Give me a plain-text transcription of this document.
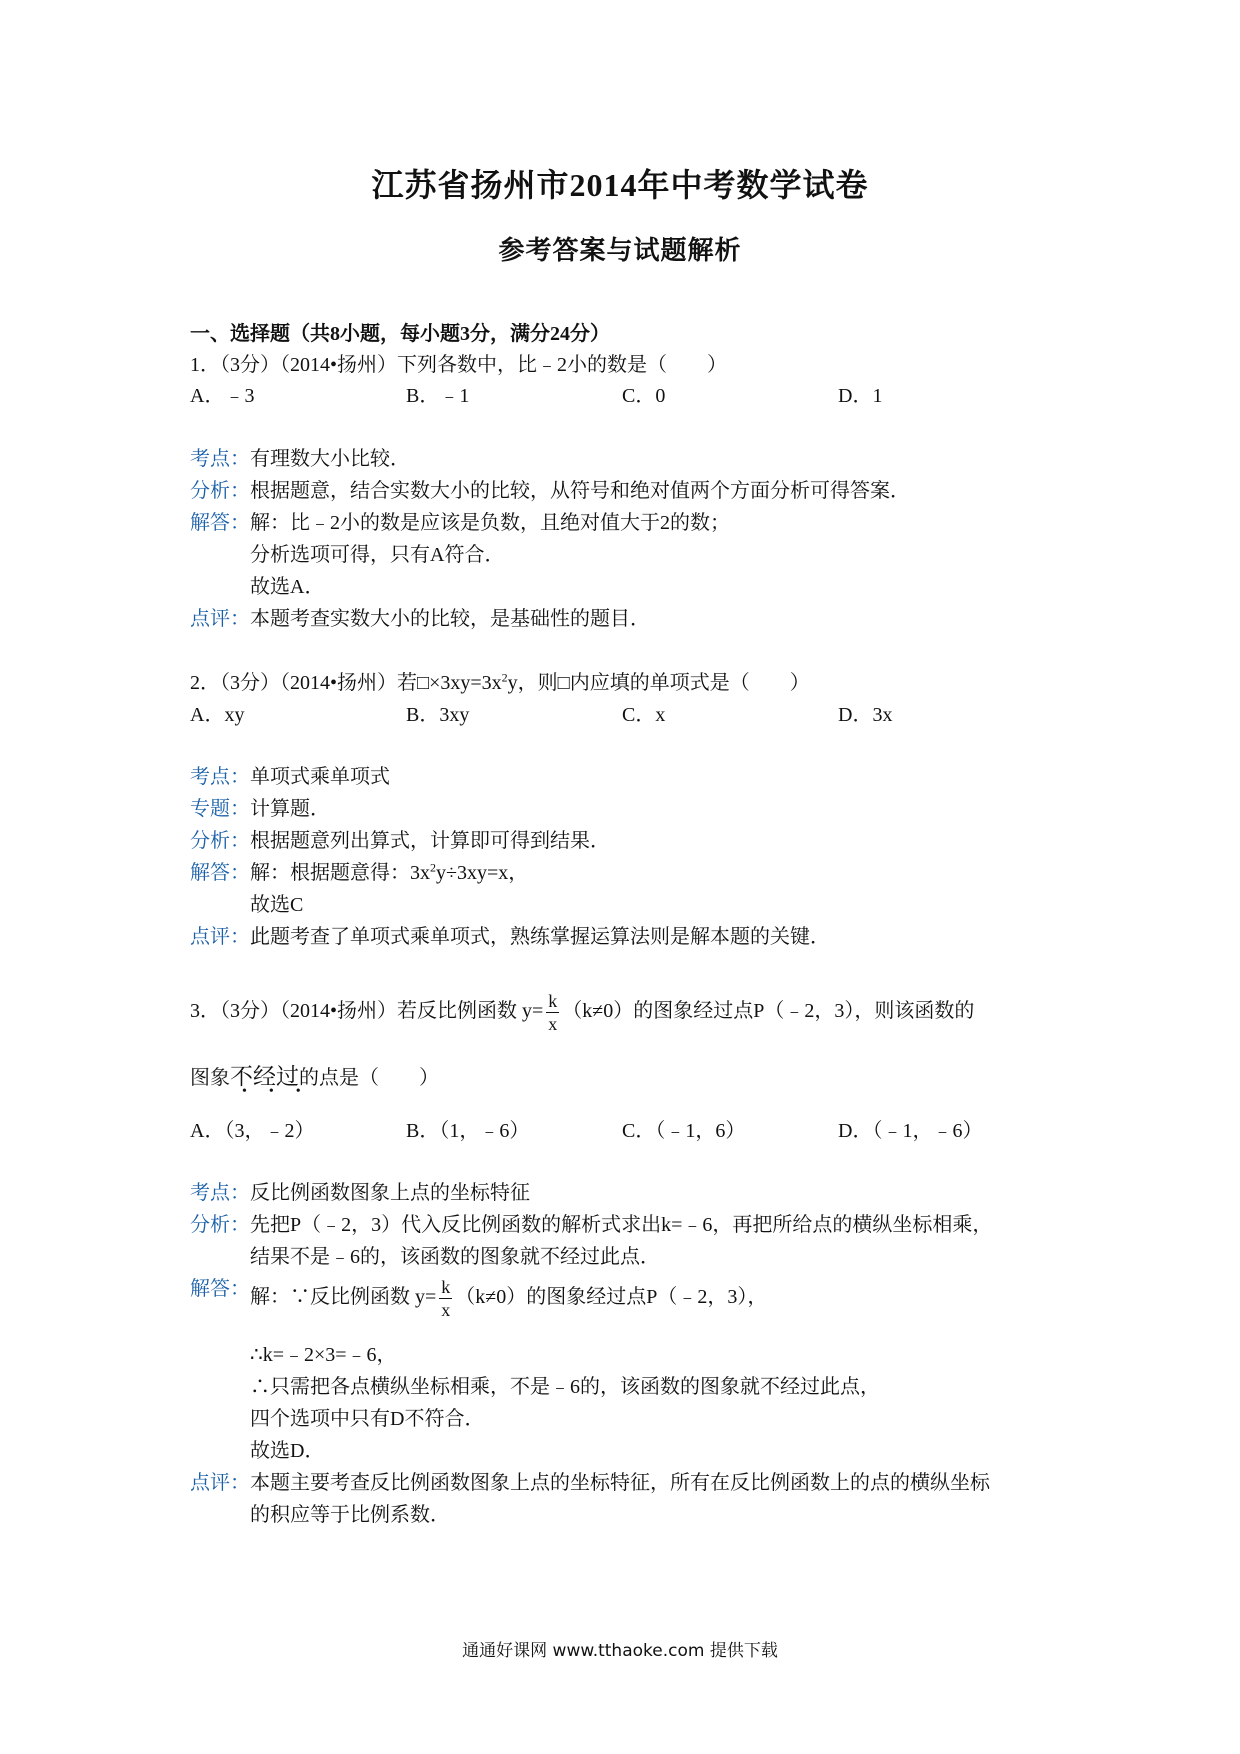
江苏省扬州市2014年中考数学试卷
参考答案与试题解析
一、选择题（共8小题，每小题3分，满分24分）
1．（3分）（2014•扬州）下列各数中，比﹣2小的数是（　　）
A．﹣3	B．﹣1	C．0	D．1
考点：有理数大小比较．
分析：根据题意，结合实数大小的比较，从符号和绝对值两个方面分析可得答案．
解答：解：比﹣2小的数是应该是负数，且绝对值大于2的数；
分析选项可得，只有A符合．
故选A．
点评：本题考查实数大小的比较，是基础性的题目．
2．（3分）（2014•扬州）若$□\times 3xy=3x^2y$，则□内应填的单项式是（　　）
A．xy	B．3xy	C．x	D．3x
考点：单项式乘单项式
专题：计算题．
分析：根据题意列出算式，计算即可得到结果．
解答：解：根据题意得：$3x^2y\div 3xy=x$，
故选C
点评：此题考查了单项式乘单项式，熟练掌握运算法则是解本题的关键．
3．（3分）（2014•扬州）若反比例函数 $y= \frac{k}{x} (k\ne 0)$的图象经过点P（﹣2，3），则该函数的
图象不经过的点是（　　）
•••
A．（3，﹣2）	B．（1，﹣6）	C．（﹣1，6）	D．（﹣1，﹣6）
考点：反比例函数图象上点的坐标特征
分析：先把P（﹣2，3）代入反比例函数的解析式求出k=﹣6，再把所给点的横纵坐标相乘，
结果不是﹣6的，该函数的图象就不经过此点．
解答： 解：∵反比例函数 $y= \frac{k}{x} (k\ne 0)$的图象经过点P（﹣2，3），
∴k=﹣2×3=﹣6，
∴只需把各点横纵坐标相乘，不是﹣6的，该函数的图象就不经过此点，
四个选项中只有D不符合．
故选D．
点评：本题主要考查反比例函数图象上点的坐标特征，所有在反比例函数上的点的横纵坐标
的积应等于比例系数．
通通好课网 www.tthaoke.com 提供下载
